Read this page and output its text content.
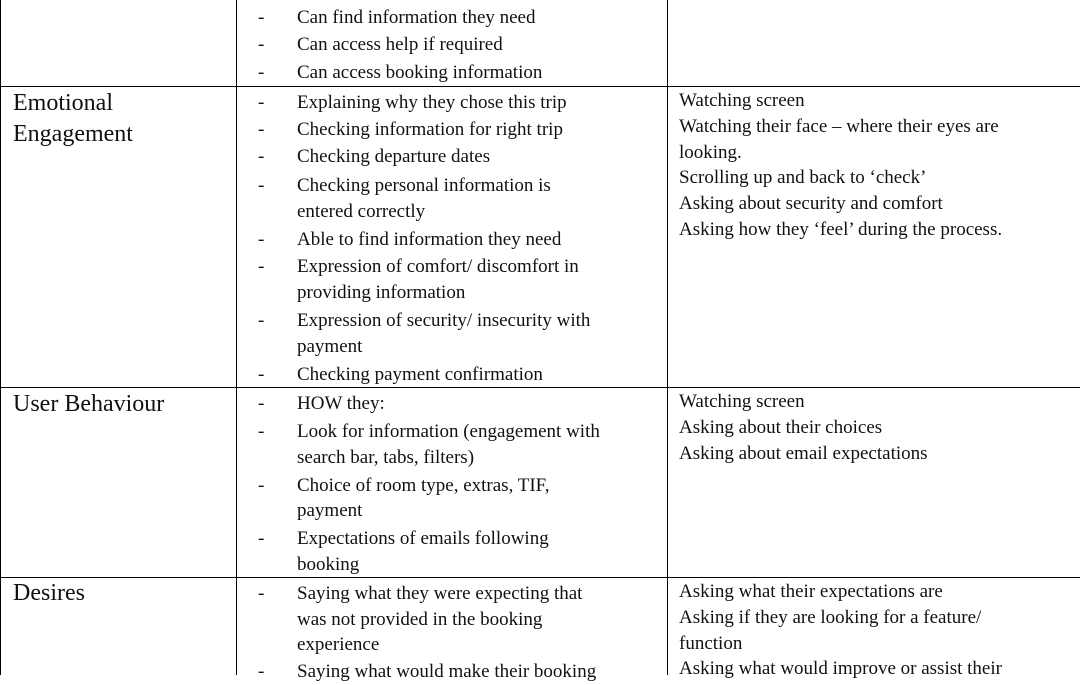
- Can find information they need
- Can access help if required
- Can access booking information
Emotional
Engagement
- Explaining why they chose this trip
- Checking information for right trip
- Checking departure dates
- Checking personal information is
entered correctly
- Able to find information they need
- Expression of comfort/ discomfort in
providing information
- Expression of security/ insecurity with
payment
- Checking payment confirmation
Watching screen
Watching their face – where their eyes are
looking.
Scrolling up and back to ‘check’
Asking about security and comfort
Asking how they ‘feel’ during the process.
User Behaviour	- HOW they:
- Look for information (engagement with
search bar, tabs, filters)
- Choice of room type, extras, TIF,
payment
- Expectations of emails following
booking
Watching screen
Asking about their choices
Asking about email expectations
Desires	- Saying what they were expecting that
was not provided in the booking
experience
- Saying what would make their booking
Asking what their expectations are
Asking if they are looking for a feature/
function
Asking what would improve or assist their
